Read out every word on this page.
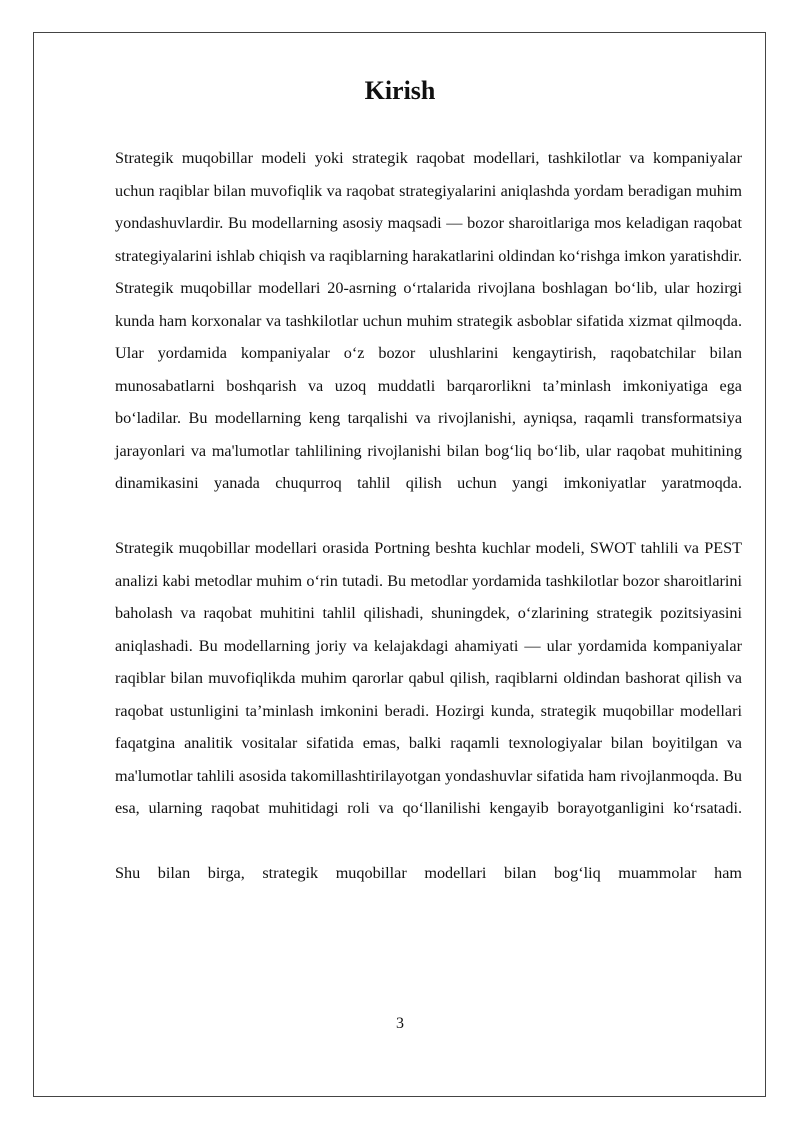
Kirish

Strategik muqobillar modeli yoki strategik raqobat modellari, tashkilotlar va kompaniyalar uchun raqiblar bilan muvofiqlik va raqobat strategiyalarini aniqlashda yordam beradigan muhim yondashuvlardir. Bu modellarning asosiy maqsadi — bozor sharoitlariga mos keladigan raqobat strategiyalarini ishlab chiqish va raqiblarning harakatlarini oldindan koʻrishga imkon yaratishdir. Strategik muqobillar modellari 20-asrning oʻrtalarida rivojlana boshlagan boʻlib, ular hozirgi kunda ham korxonalar va tashkilotlar uchun muhim strategik asboblar sifatida xizmat qilmoqda. Ular yordamida kompaniyalar oʻz bozor ulushlarini kengaytirish, raqobatchilar bilan munosabatlarni boshqarish va uzoq muddatli barqarorlikni ta’minlash imkoniyatiga ega boʻladilar. Bu modellarning keng tarqalishi va rivojlanishi, ayniqsa, raqamli transformatsiya jarayonlari va ma'lumotlar tahlilining rivojlanishi bilan bogʻliq boʻlib, ular raqobat muhitining dinamikasini yanada chuqurroq tahlil qilish uchun yangi imkoniyatlar yaratmoqda.

Strategik muqobillar modellari orasida Portning beshta kuchlar modeli, SWOT tahlili va PEST analizi kabi metodlar muhim oʻrin tutadi. Bu metodlar yordamida tashkilotlar bozor sharoitlarini baholash va raqobat muhitini tahlil qilishadi, shuningdek, oʻzlarining strategik pozitsiyasini aniqlashadi. Bu modellarning joriy va kelajakdagi ahamiyati — ular yordamida kompaniyalar raqiblar bilan muvofiqlikda muhim qarorlar qabul qilish, raqiblarni oldindan bashorat qilish va raqobat ustunligini ta’minlash imkonini beradi. Hozirgi kunda, strategik muqobillar modellari faqatgina analitik vositalar sifatida emas, balki raqamli texnologiyalar bilan boyitilgan va ma'lumotlar tahlili asosida takomillashtirilayotgan yondashuvlar sifatida ham rivojlanmoqda. Bu esa, ularning raqobat muhitidagi roli va qoʻllanilishi kengayib borayotganligini koʻrsatadi.

Shu bilan birga, strategik muqobillar modellari bilan bogʻliq muammolar ham

3
